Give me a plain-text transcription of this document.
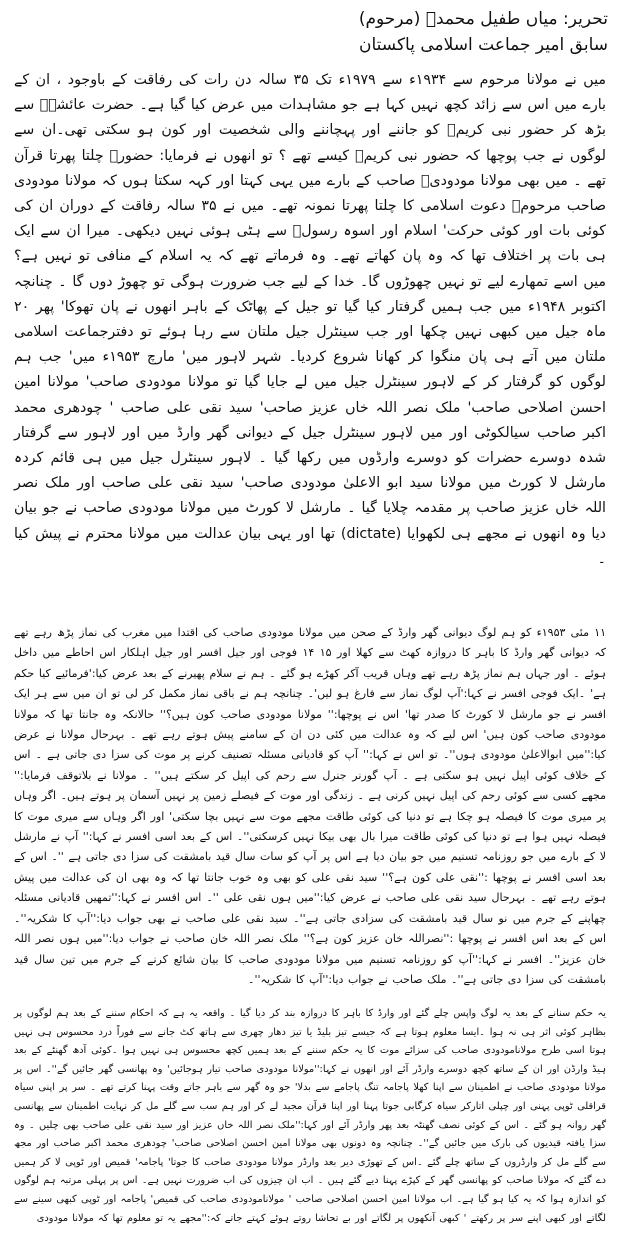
تحریر: میاں طفیل محمدؒ (مرحوم)
سابق امیر جماعت اسلامی پاکستان

میں نے مولانا مرحوم سے ۱۹۳۴ء سے ۱۹۷۹ء تک ۳۵ سالہ دن رات کی رفاقت کے باوجود ، ان کے بارے میں اس سے زائد کچھ نہیں کہا ہے جو مشاہدات میں عرض کیا گیا ہے۔ حضرت عائشہؓ سے بڑھ کر حضور نبی کریمؐ کو جاننے اور پہچاننے والی شخصیت اور کون ہو سکتی تھی۔ان سے لوگوں نے جب پوچھا کہ حضور نبی کریمؐ کیسے تھے ؟ تو انھوں نے فرمایا: حضورؐ چلتا پھرتا قرآن تھے ۔ میں بھی مولانا مودودیؒ صاحب کے بارے میں یہی کہتا اور کہہ سکتا ہوں کہ مولانا مودودی صاحب مرحومؒ دعوت اسلامی کا چلتا پھرتا نمونہ تھے۔ میں نے ۳۵ سالہ رفاقت کے دوران ان کی کوئی بات اور کوئی حرکت' اسلام اور اسوہ رسولؐ سے ہٹی ہوئی نہیں دیکھی۔ میرا ان سے ایک ہی بات پر اختلاف تھا کہ وہ پان کھاتے تھے۔ وہ فرماتے تھے کہ یہ اسلام کے منافی تو نہیں ہے؟میں اسے تمھارے لیے تو نہیں چھوڑوں گا۔ خدا کے لیے جب ضرورت ہوگی تو چھوڑ دوں گا ۔ چنانچہ اکتوبر ۱۹۴۸ء میں جب ہمیں گرفتار کیا گیا تو جیل کے پھاٹک کے باہر انھوں نے پان تھوکا' پھر ۲۰ ماہ جیل میں کبھی نہیں چکھا اور جب سینٹرل جیل ملتان سے رہا ہوئے تو دفترجماعت اسلامی ملتان میں آتے ہی پان منگوا کر کھانا شروع کردیا۔ شہر لاہور میں' مارچ ۱۹۵۳ء میں' جب ہم لوگوں کو گرفتار کر کے لاہور سینٹرل جیل میں لے جایا گیا تو مولانا مودودی صاحب' مولانا امین احسن اصلاحی صاحب' ملک نصر اللہ خاں عزیز صاحب' سید نقی علی صاحب ' چودھری محمد اکبر صاحب سیالکوٹی اور میں لاہور سینٹرل جیل کے دیوانی گھر وارڈ میں اور لاہور سے گرفتار شدہ دوسرے حضرات کو دوسرے وارڈوں میں رکھا گیا ۔ لاہور سینٹرل جیل میں ہی قائم کردہ مارشل لا کورٹ میں مولانا سید ابو الاعلیٰ مودودی صاحب' سید نقی علی صاحب اور ملک نصر اللہ خاں عزیز صاحب پر مقدمہ چلایا گیا ۔ مارشل لا کورٹ میں مولانا مودودی صاحب نے جو بیان دیا وہ انھوں نے مجھے ہی لکھوایا (dictate) تھا اور یہی بیان عدالت میں مولانا محترم نے پیش کیا ۔

۱۱ مئی ۱۹۵۳ء کو ہم لوگ دیوانی گھر وارڈ کے صحن میں مولانا مودودی صاحب کی اقتدا میں مغرب کی نماز پڑھ رہے تھے کہ دیوانی گھر وارڈ کا باہر کا دروازہ کھٹ سے کھلا اور ۱۵ ۱۴ فوجی اور جیل افسر اور جیل اہلکار اس احاطے میں داخل ہوئے ۔ اور جہاں ہم نماز پڑھ رہے تھے وہاں قریب آکر کھڑے ہو گئے ۔ ہم نے سلام پھیرنے کے بعد عرض کیا:'فرمائیے کیا حکم ہے' ۔ایک فوجی افسر نے کہا:'آپ لوگ نماز سے فارغ ہو لیں'۔ چنانچہ ہم نے باقی نماز مکمل کر لی تو ان میں سے ہر ایک افسر نے جو مارشل لا کورٹ کا صدر تھا' اس نے پوچھا:'' مولانا مودودی صاحب کون ہیں؟'' حالانکہ وہ جانتا تھا کہ مولانا مودودی صاحب کون ہیں' اس لیے کہ وہ عدالت میں کئی دن ان کے سامنے پیش ہوتے رہے تھے ۔ بہرحال مولانا نے عرض کیا:''میں ابوالاعلیٰ مودودی ہوں''۔ تو اس نے کہا:'' آپ کو قادیانی مسئلہ تصنیف کرنے پر موت کی سزا دی جاتی ہے ۔ اس کے خلاف کوئی اپیل نہیں ہو سکتی ہے ۔ آپ گورنر جنرل سے رحم کی اپیل کر سکتے ہیں'' ۔ مولانا نے بلاتوقف فرمایا:'' مجھے کسی سے کوئی رحم کی اپیل نہیں کرنی ہے ۔ زندگی اور موت کے فیصلے زمین پر نہیں آسمان پر ہوتے ہیں۔ اگر وہاں پر میری موت کا فیصلہ ہو چکا ہے تو دنیا کی کوئی طاقت مجھے موت سے نہیں بچا سکتی' اور اگر وہاں سے میری موت کا فیصلہ نہیں ہوا ہے تو دنیا کی کوئی طاقت میرا بال بھی بیکا نہیں کرسکتی''۔ اس کے بعد اسی افسر نے کہا:'' آپ نے مارشل لا کے بارے میں جو روزنامہ تسنیم میں جو بیان دیا ہے اس پر آپ کو سات سال قید بامشقت کی سزا دی جاتی ہے ''۔ اس کے بعد اسی افسر نے پوچھا :''نقی علی کون ہے؟'' سید نقی علی کو بھی وہ خوب جانتا تھا کہ وہ بھی ان کی عدالت میں پیش ہوتے رہے تھے ۔ بہرحال سید نقی علی صاحب نے عرض کیا:''میں ہوں نقی علی ''۔ اس افسر نے کہا:''تمھیں قادیانی مسئلہ چھاپنے کے جرم میں نو سال قید بامشقت کی سزادی جاتی ہے''۔ سید نقی علی صاحب نے بھی جواب دیا:''آپ کا شکریہ''۔ اس کے بعد اس افسر نے پوچھا :''نصراللہ خان عزیز کون ہے؟'' ملک نصر اللہ خان صاحب نے جواب دیا:''میں ہوں نصر اللہ خان عزیز''۔ افسر نے کہا:''آپ کو روزنامہ تسنیم میں مولانا مودودی صاحب کا بیان شائع کرنے کے جرم میں تین سال قید بامشقت کی سزا دی جاتی ہے''۔ ملک صاحب نے جواب دیا:''آپ کا شکریہ''۔

یہ حکم سنانے کے بعد یہ لوگ واپس چلے گئے اور وارڈ کا باہر کا دروازہ بند کر دیا گیا ۔ واقعہ یہ ہے کہ احکام سننے کے بعد ہم لوگوں پر بظاہر کوئی اثر ہی نہ ہوا ۔ایسا معلوم ہوتا ہے کہ جیسے تیز بلیڈ یا تیز دھار چھری سے ہاتھ کٹ جانے سے فوراً درد محسوس ہی نہیں ہوتا اسی طرح مولانامودودی صاحب کی سزائے موت کا یہ حکم سننے کے بعد ہمیں کچھ محسوس ہی نہیں ہوا ۔کوئی آدھ گھنٹے کے بعد ہیڈ وارڈن اور ان کے ساتھ کچھ دوسرے وارڈر آئے اور انھوں نے کہا:''مولانا مودودی صاحب تیار ہوجائیں' وہ پھانسی گھر جائیں گے''۔ اس پر مولانا مودودی صاحب نے اطمینان سے اپنا کھلا پاجامہ تنگ پاجامے سے بدلا' جو وہ گھر سے باہر جاتے وقت پہنا کرتے تھے ۔ سر پر اپنی سیاہ قراقلی ٹوپی پہنی اور چپلی اتارکر سیاہ کرگابی جوتا پہنا اور اپنا قرآن مجید لے کر اور ہم سب سے گلے مل کر نہایت اطمینان سے پھانسی گھر روانہ ہو گئے ۔ اس کے کوئی نصف گھنٹہ بعد پھر وارڈر آئے اور کہا:''ملک نصر اللہ خاں عزیز اور سید نقی علی صاحب بھی چلیں ۔ وہ سزا یافتہ قیدیوں کی بارک میں جائیں گے''۔ چنانچہ وہ دونوں بھی مولانا امین احسن اصلاحی صاحب' چودھری محمد اکبر صاحب اور مجھ سے گلے مل کر وارڈروں کے ساتھ چلے گئے ۔اس کے تھوڑی دیر بعد وارڈر مولانا مودودی صاحب کا جوتا' پاجامہ' قمیص اور ٹوپی لا کر ہمیں دے گئے کہ مولانا صاحب کو پھانسی گھر کے کپڑے پہنا دیے گئے ہیں ۔ اب ان چیزوں کی اب ضرورت نہیں ہے۔ اس پر پہلی مرتبہ ہم لوگوں کو اندازہ ہوا کہ یہ کیا ہو گیا ہے۔ اب مولانا امین احسن اصلاحی صاحب ' مولانامودودی صاحب کی قمیص' پاجامہ اور ٹوپی کبھی سینے سے لگاتے اور کبھی اپنے سر پر رکھتے ' کبھی آنکھوں پر لگاتے اور بے تحاشا روتے ہوئے کہتے جاتے کہ:''مجھے یہ تو معلوم تھا کہ مولانا مودودی
